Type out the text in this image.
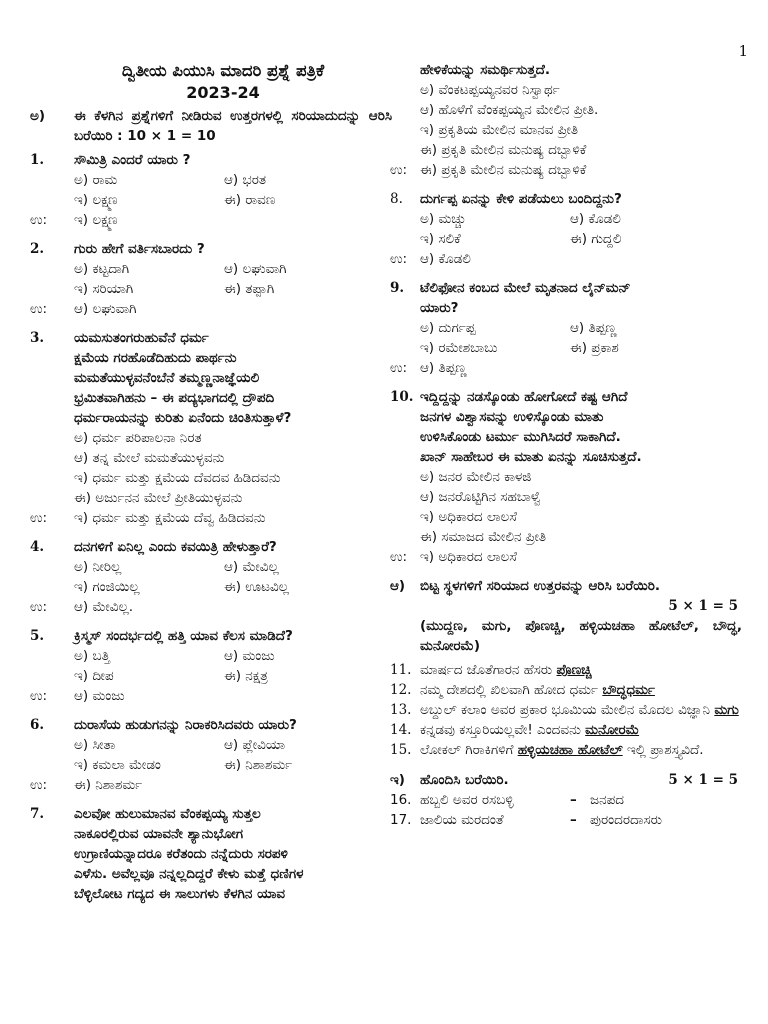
1
ದ್ವಿತೀಯ ಪಿಯುಸಿ ಮಾದರಿ ಪ್ರಶ್ನೆ ಪತ್ರಿಕೆ
2023-24
ಅ)	ಈ ಕೆಳಗಿನ ಪ್ರಶ್ನೆಗಳಿಗೆ ನೀಡಿರುವ ಉತ್ತರಗಳಲ್ಲಿ ಸರಿಯಾದುದನ್ನು ಆರಿಸಿ ಬರೆಯಿರಿ : 10 × 1 = 10
1.	ಸೌಮಿತ್ರಿ ಎಂದರೆ ಯಾರು ?
ಅ) ರಾಮ	ಆ) ಭರತ
ಇ) ಲಕ್ಷ್ಮಣ	ಈ) ರಾವಣ
ಉ:	ಇ) ಲಕ್ಷ್ಮಣ
2.	ಗುರು ಹೇಗೆ ವರ್ತಿಸಬಾರದು ?
ಅ) ಕಟ್ಟದಾಗಿ	ಆ) ಲಘುವಾಗಿ
ಇ) ಸರಿಯಾಗಿ	ಈ) ತಪ್ಪಾಗಿ
ಉ:	ಆ) ಲಘುವಾಗಿ
3.	ಯಮಸುತಂಗರುಹುವೆನೆ ಧರ್ಮ
ಕ್ಷಮೆಯ ಗರಹೊಡೆದಿಹುದು ಪಾರ್ಥನು
ಮಮತೆಯುಳ್ಳವನೆಂಬೆನೆ ತಮ್ಮಣ್ಣನಾಜ್ಞೆಯಲಿ
ಭ್ರಮಿತವಾಗಿಹನು – ಈ ಪದ್ಯಭಾಗದಲ್ಲಿ ದ್ರೌಪದಿ
ಧರ್ಮರಾಯನನ್ನು ಕುರಿತು ಏನೆಂದು ಚಿಂತಿಸುತ್ತಾಳೆ?
ಅ) ಧರ್ಮ ಪರಿಪಾಲನಾ ನಿರತ
ಆ) ತನ್ನ ಮೇಲೆ ಮಮತೆಯುಳ್ಳವನು
ಇ) ಧರ್ಮ ಮತ್ತು ಕ್ಷಮೆಯ ದೆವದವ ಹಿಡಿದವನು
ಈ) ಅರ್ಜುನನ ಮೇಲೆ ಪ್ರೀತಿಯುಳ್ಳವನು
ಉ:	ಇ) ಧರ್ಮ ಮತ್ತು ಕ್ಷಮೆಯ ದೆವ್ವ ಹಿಡಿದವನು
4.	ದನಗಳಿಗೆ ಏನಿಲ್ಲ ಎಂದು ಕವಯಿತ್ರಿ ಹೇಳುತ್ತಾರೆ?
ಅ) ನೀರಿಲ್ಲ	ಆ) ಮೇವಿಲ್ಲ
ಇ) ಗಂಜಿಯಿಲ್ಲ	ಈ) ಊಟವಿಲ್ಲ
ಉ:	ಆ) ಮೇವಿಲ್ಲ.
5.	ಕ್ರಿಸ್ಮಸ್ ಸಂದರ್ಭದಲ್ಲಿ ಹತ್ತಿ ಯಾವ ಕೆಲಸ ಮಾಡಿದೆ?
ಅ) ಬತ್ತಿ	ಆ) ಮಂಜು
ಇ) ದೀಪ	ಈ) ನಕ್ಷತ್ರ
ಉ:	ಆ) ಮಂಜು
6.	ದುರಾಸೆಯ ಹುಡುಗನನ್ನು ನಿರಾಕರಿಸಿದವರು ಯಾರು?
ಅ) ಸೀತಾ	ಆ) ಪ್ಲೇವಿಯಾ
ಇ) ಕಮಲಾ ಮೇಡಂ	ಈ) ನಿಶಾಶರ್ಮ
ಉ:	ಈ) ನಿಶಾಶರ್ಮ
7.	ಎಲವೋ ಹುಲುಮಾನವ ವೆಂಕಪ್ಪಯ್ಯ ಸುತ್ತಲ
ನಾಕೂರಲ್ಲಿರುವ ಯಾವನೇ ಶ್ಯಾನುಭೋಗ
ಉಗ್ರಾಣಿಯನ್ನಾದರೂ ಕರೆತಂದು ನನ್ನೆದುರು ಸರಪಳಿ
ಎಳೆಸು. ಅವೆಲ್ಲವೂ ನನ್ನಲ್ಲದಿದ್ದರೆ ಕೇಳು ಮತ್ತೆ ಧಣಿಗಳ
ಬೆಳ್ಳಿಲೋಟ ಗದ್ಯದ ಈ ಸಾಲುಗಳು ಕೆಳಗಿನ ಯಾವ
ಹೇಳಿಕೆಯನ್ನು ಸಮರ್ಥಿಸುತ್ತದೆ.
ಅ) ವೆಂಕಟಪ್ಪಯ್ಯನವರ ನಿಸ್ವಾರ್ಥ
ಆ) ಹೊಳೆಗೆ ವೆಂಕಪ್ಪಯ್ಯನ ಮೇಲಿನ ಪ್ರೀತಿ.
ಇ) ಪ್ರಕೃತಿಯ ಮೇಲಿನ ಮಾನವ ಪ್ರೀತಿ
ಈ) ಪ್ರಕೃತಿ ಮೇಲಿನ ಮನುಷ್ಯ ದಬ್ಬಾಳಿಕೆ
ಉ: ಈ) ಪ್ರಕೃತಿ ಮೇಲಿನ ಮನುಷ್ಯ ದಬ್ಬಾಳಿಕೆ
8.	ದುರ್ಗಪ್ಪ ಏನನ್ನು ಕೇಳಿ ಪಡೆಯಲು ಬಂದಿದ್ದನು?
ಅ) ಮಚ್ಚು	ಆ) ಕೊಡಲಿ
ಇ) ಸಲಿಕೆ	ಈ) ಗುದ್ದಲಿ
ಉ: ಆ) ಕೊಡಲಿ
9.	ಟೆಲಿಫೋನ ಕಂಬದ ಮೇಲೆ ಮೃತನಾದ ಲೈನ್‌ಮನ್
ಯಾರು?
ಅ) ದುರ್ಗಪ್ಪ	ಆ) ತಿಪ್ಪಣ್ಣ
ಇ) ರಮೇಶಬಾಬು	ಈ) ಪ್ರಕಾಶ
ಉ: ಆ) ತಿಪ್ಪಣ್ಣ
10. ಇದ್ದಿದ್ದನ್ನು ನಡಸ್ಕೊಂಡು ಹೋಗೋದೆ ಕಷ್ಟ ಆಗಿದೆ
ಜನಗಳ ವಿಶ್ವಾಸವನ್ನು ಉಳಿಸ್ಕೊಂಡು ಮಾತು
ಉಳಿಸಿಕೊಂಡು ಟರ್ಮು ಮುಗಿಸಿದರೆ ಸಾಕಾಗಿದೆ.
ಖಾನ್ ಸಾಹೇಬರ ಈ ಮಾತು ಏನನ್ನು ಸೂಚಿಸುತ್ತದೆ.
ಅ) ಜನರ ಮೇಲಿನ ಕಾಳಜಿ
ಆ) ಜನರೊಟ್ಟಿಗಿನ ಸಹಬಾಳ್ವೆ
ಇ) ಅಧಿಕಾರದ ಲಾಲಸೆ
ಈ) ಸಮಾಜದ ಮೇಲಿನ ಪ್ರೀತಿ
ಉ: ಇ) ಅಧಿಕಾರದ ಲಾಲಸೆ
ಆ)	ಬಿಟ್ಟ ಸ್ಥಳಗಳಿಗೆ ಸರಿಯಾದ ಉತ್ತರವನ್ನು ಆರಿಸಿ ಬರೆಯಿರಿ.
5 × 1 = 5
(ಮುದ್ದಣ, ಮಗು, ಪೊಣಚ್ಚಿ, ಹಳ್ಳಿಯಚಹಾ ಹೋಟೆಲ್, ಬೌದ್ಧ, ಮನೋರಮೆ)
11. ಮಾರ್ಷದ ಜೊತೆಗಾರನ ಹೆಸರು ಪೊಣಚ್ಚಿ
12. ನಮ್ಮ ದೇಶದಲ್ಲಿ ಖಿಲವಾಗಿ ಹೋದ ಧರ್ಮ ಬೌದ್ಧಧರ್ಮ
13. ಅಬ್ದುಲ್ ಕಲಾಂ ಅವರ ಪ್ರಕಾರ ಭೂಮಿಯ ಮೇಲಿನ ಮೊದಲ ವಿಜ್ಞಾನಿ ಮಗು
14. ಕನ್ನಡವು ಕಸ್ತೂರಿಯಲ್ಲವೇ! ಎಂದವನು ಮನೋರಮೆ
15. ಲೋಕಲ್ ಗಿರಾಕಿಗಳಿಗೆ ಹಳ್ಳಿಯಚಹಾ ಹೋಟೆಲ್ ಇಲ್ಲಿ ಪ್ರಾಶಸ್ತ್ಯವಿದೆ.
ಇ)	ಹೊಂದಿಸಿ ಬರೆಯಿರಿ.	5 × 1 = 5
16. ಹಬ್ಬಲಿ ಅವರ ರಸಬಳ್ಳಿ	– ಜನಪದ
17. ಜಾಲಿಯ ಮರದಂತೆ	– ಪುರಂದರದಾಸರು
